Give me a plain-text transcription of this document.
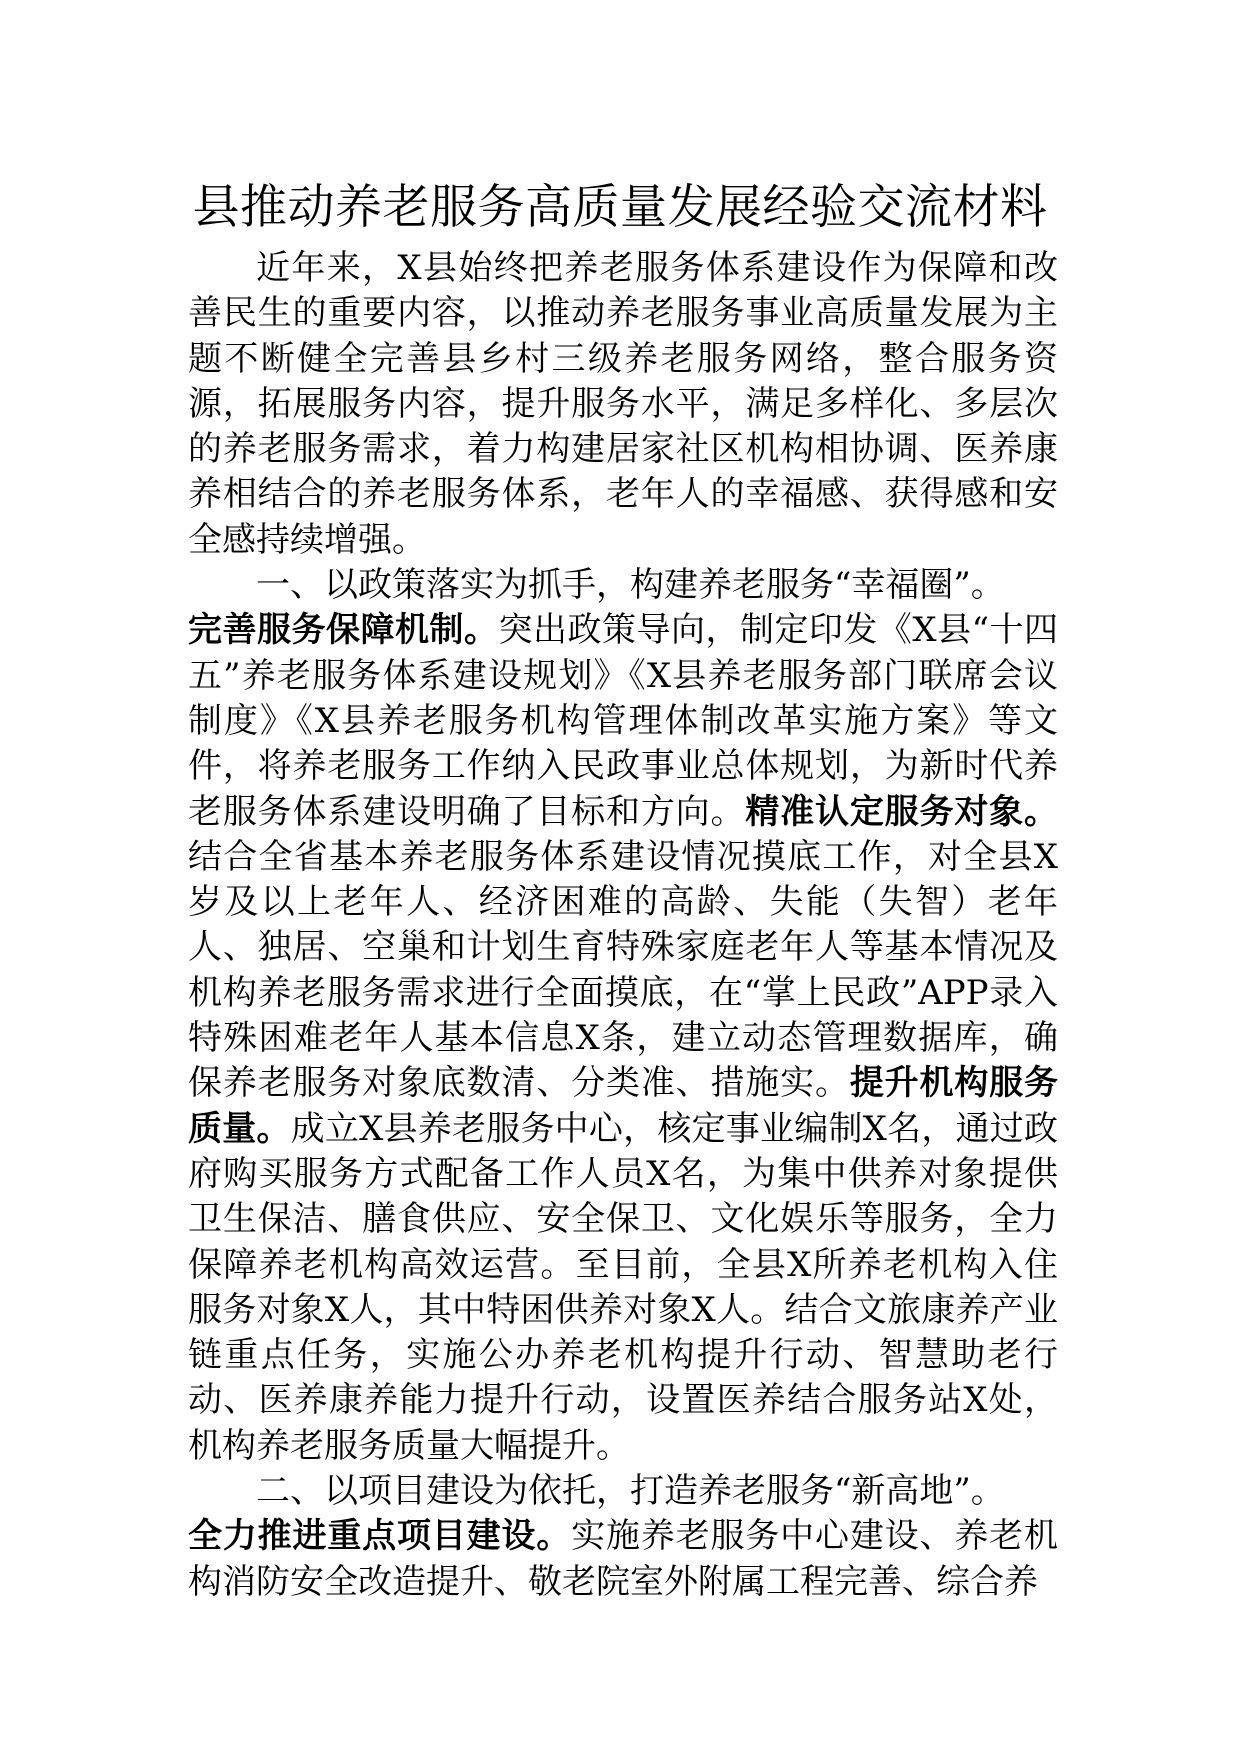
县推动养老服务高质量发展经验交流材料

近年来，X县始终把养老服务体系建设作为保障和改善民生的重要内容，以推动养老服务事业高质量发展为主题不断健全完善县乡村三级养老服务网络，整合服务资源，拓展服务内容，提升服务水平，满足多样化、多层次的养老服务需求，着力构建居家社区机构相协调、医养康养相结合的养老服务体系，老年人的幸福感、获得感和安全感持续增强。

一、以政策落实为抓手，构建养老服务“幸福圈”。

完善服务保障机制。突出政策导向，制定印发《X县“十四五”养老服务体系建设规划》《X县养老服务部门联席会议制度》《X县养老服务机构管理体制改革实施方案》等文件，将养老服务工作纳入民政事业总体规划，为新时代养老服务体系建设明确了目标和方向。精准认定服务对象。结合全省基本养老服务体系建设情况摸底工作，对全县X岁及以上老年人、经济困难的高龄、失能（失智）老年人、独居、空巢和计划生育特殊家庭老年人等基本情况及机构养老服务需求进行全面摸底，在“掌上民政”APP录入特殊困难老年人基本信息X条，建立动态管理数据库，确保养老服务对象底数清、分类准、措施实。提升机构服务质量。成立X县养老服务中心，核定事业编制X名，通过政府购买服务方式配备工作人员X名，为集中供养对象提供卫生保洁、膳食供应、安全保卫、文化娱乐等服务，全力保障养老机构高效运营。至目前，全县X所养老机构入住服务对象X人，其中特困供养对象X人。结合文旅康养产业链重点任务，实施公办养老机构提升行动、智慧助老行动、医养康养能力提升行动，设置医养结合服务站X处，机构养老服务质量大幅提升。

二、以项目建设为依托，打造养老服务“新高地”。

全力推进重点项目建设。实施养老服务中心建设、养老机构消防安全改造提升、敬老院室外附属工程完善、综合养
